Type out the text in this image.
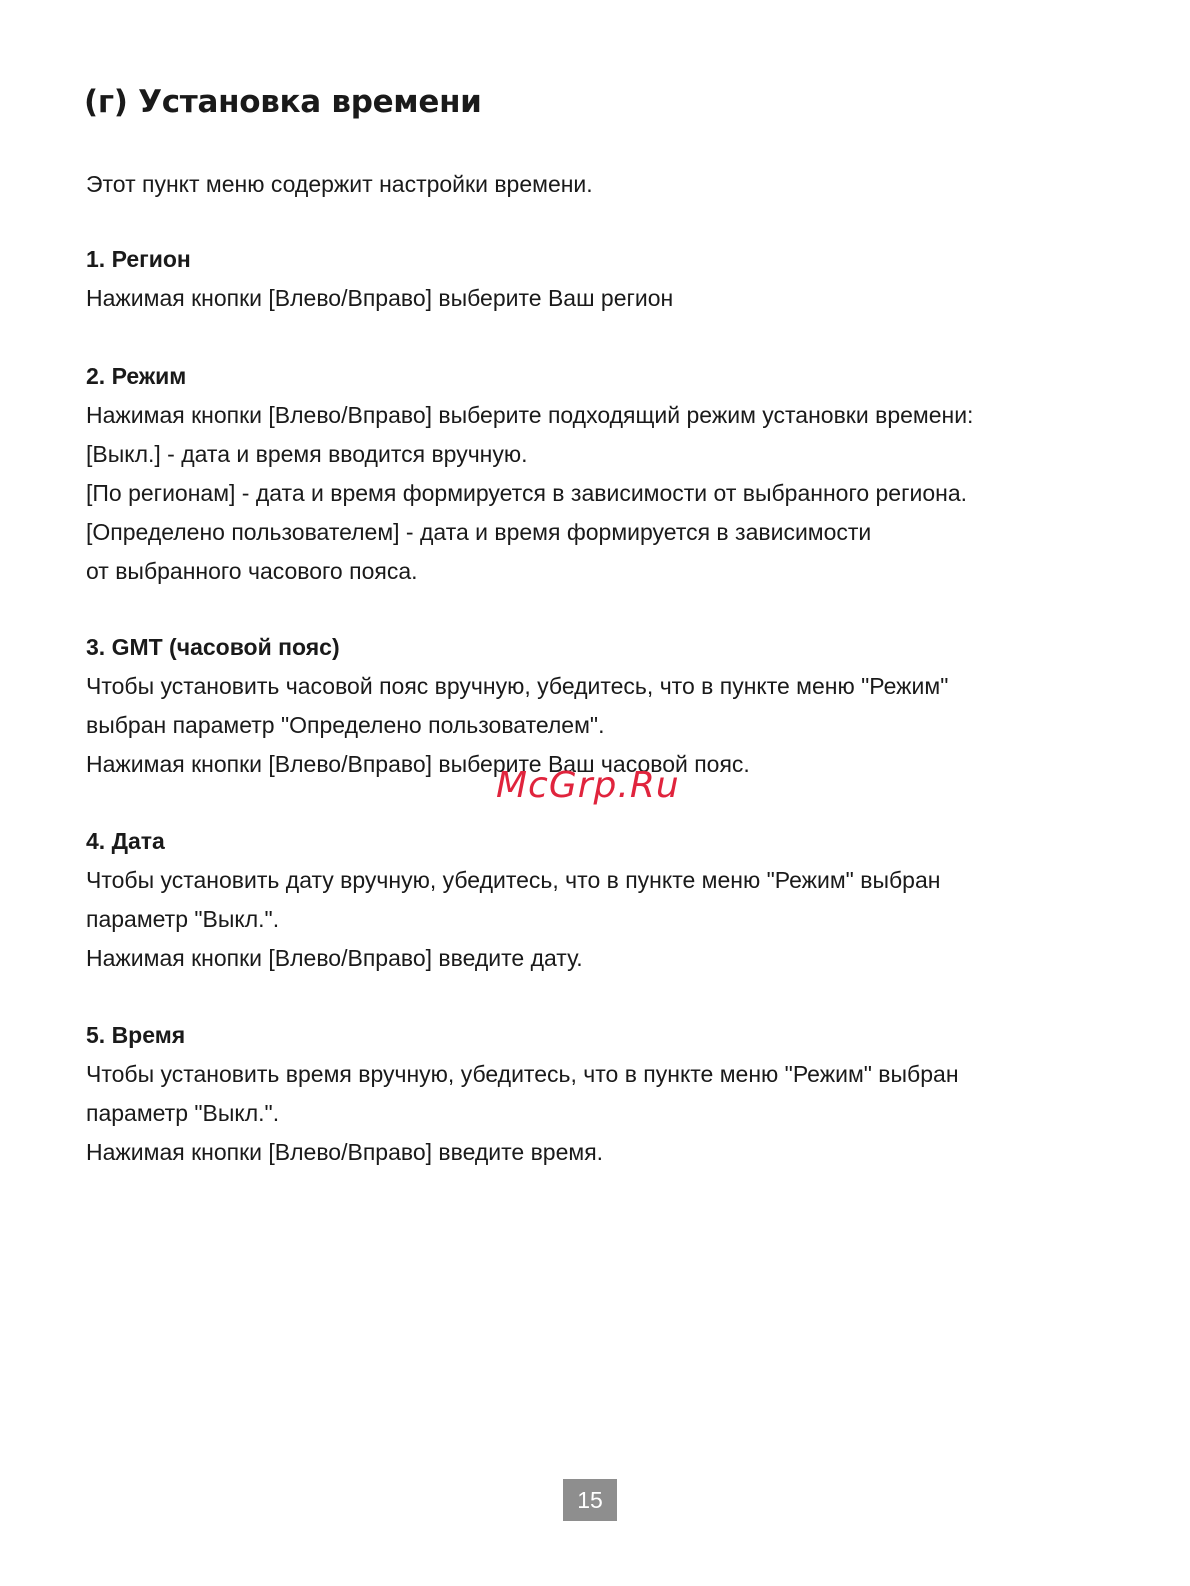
(г) Установка времени

Этот пункт меню содержит настройки времени.

1. Регион

Нажимая кнопки [Влево/Вправо] выберите Ваш регион

2. Режим

Нажимая кнопки [Влево/Вправо] выберите подходящий режим установки времени:

[Выкл.] - дата и время вводится вручную.

[По регионам] - дата и время формируется в зависимости от выбранного региона.

[Определено пользователем] - дата и время формируется в зависимости

от выбранного часового пояса.

3. GMT (часовой пояс)

Чтобы установить часовой пояс вручную, убедитесь, что в пункте меню "Режим"

выбран параметр "Определено пользователем".

Нажимая кнопки [Влево/Вправо] выберите Ваш часовой пояс.

4. Дата

Чтобы установить дату вручную, убедитесь, что в пункте меню "Режим" выбран

параметр "Выкл.".

Нажимая кнопки [Влево/Вправо] введите дату.

5. Время

Чтобы установить время вручную, убедитесь, что в пункте меню "Режим" выбран

параметр "Выкл.".

Нажимая кнопки [Влево/Вправо] введите время.

McGrp.Ru
15
